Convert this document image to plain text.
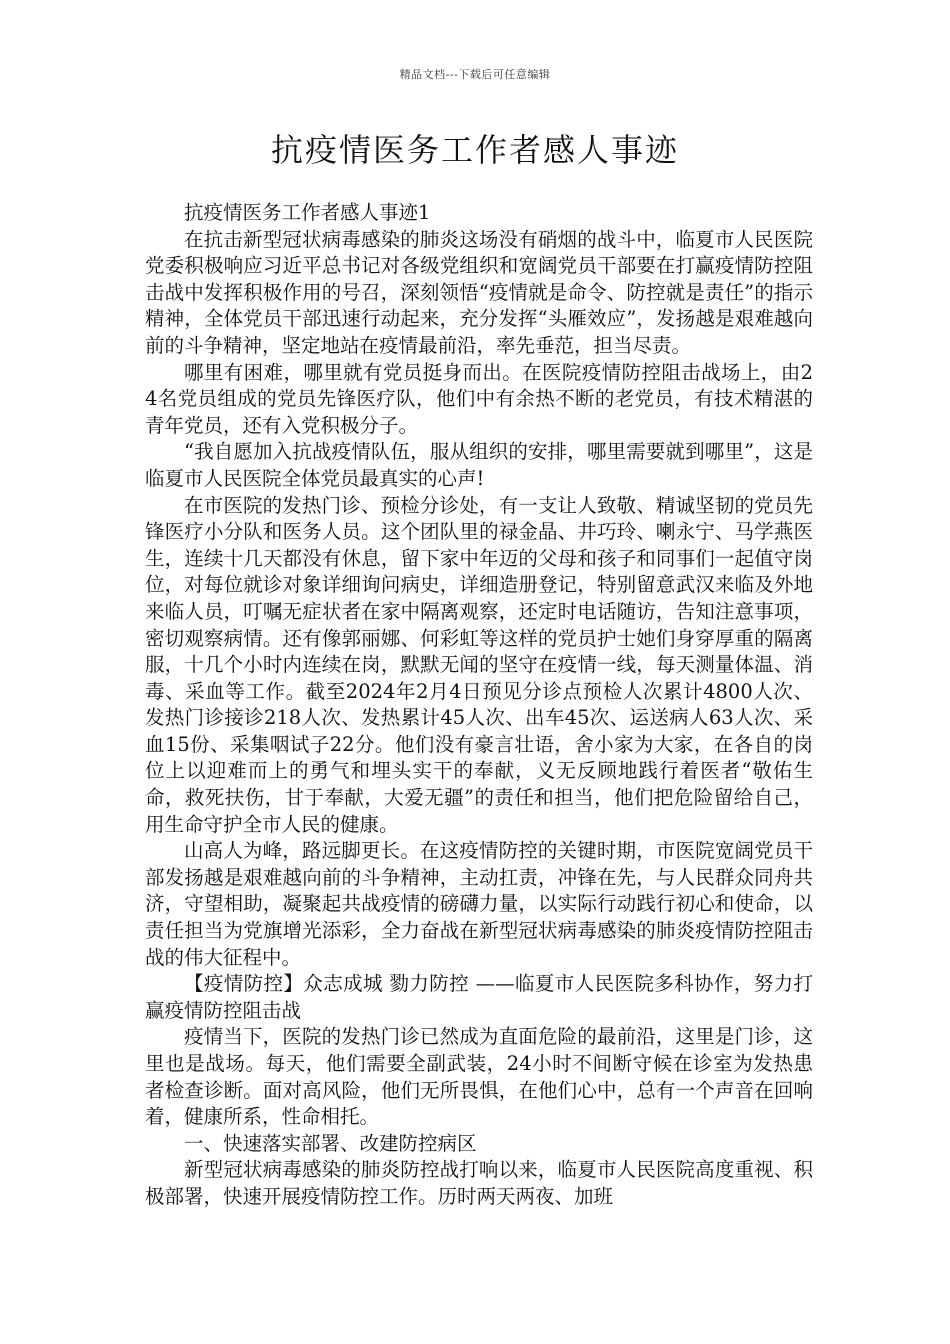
精品文档---下载后可任意编辑
抗疫情医务工作者感人事迹

抗疫情医务工作者感人事迹1

在抗击新型冠状病毒感染的肺炎这场没有硝烟的战斗中，临夏市人民医院党委积极响应习近平总书记对各级党组织和宽阔党员干部要在打赢疫情防控阻击战中发挥积极作用的号召，深刻领悟“疫情就是命令、防控就是责任”的指示精神，全体党员干部迅速行动起来，充分发挥“头雁效应”，发扬越是艰难越向前的斗争精神，坚定地站在疫情最前沿，率先垂范，担当尽责。

哪里有困难，哪里就有党员挺身而出。在医院疫情防控阻击战场上，由24名党员组成的党员先锋医疗队，他们中有余热不断的老党员，有技术精湛的青年党员，还有入党积极分子。

“我自愿加入抗战疫情队伍，服从组织的安排，哪里需要就到哪里”，这是临夏市人民医院全体党员最真实的心声!

在市医院的发热门诊、预检分诊处，有一支让人致敬、精诚坚韧的党员先锋医疗小分队和医务人员。这个团队里的禄金晶、井巧玲、喇永宁、马学燕医生，连续十几天都没有休息，留下家中年迈的父母和孩子和同事们一起值守岗位，对每位就诊对象详细询问病史，详细造册登记，特别留意武汉来临及外地来临人员，叮嘱无症状者在家中隔离观察，还定时电话随访，告知注意事项，密切观察病情。还有像郭丽娜、何彩虹等这样的党员护士她们身穿厚重的隔离服，十几个小时内连续在岗，默默无闻的坚守在疫情一线，每天测量体温、消毒、采血等工作。截至2024年2月4日预见分诊点预检人次累计4800人次、发热门诊接诊218人次、发热累计45人次、出车45次、运送病人63人次、采血15份、采集咽试子22分。他们没有豪言壮语，舍小家为大家，在各自的岗位上以迎难而上的勇气和埋头实干的奉献，义无反顾地践行着医者“敬佑生命，救死扶伤，甘于奉献，大爱无疆”的责任和担当，他们把危险留给自己，用生命守护全市人民的健康。

山高人为峰，路远脚更长。在这疫情防控的关键时期，市医院宽阔党员干部发扬越是艰难越向前的斗争精神，主动扛责，冲锋在先，与人民群众同舟共济，守望相助，凝聚起共战疫情的磅礴力量，以实际行动践行初心和使命，以责任担当为党旗增光添彩，全力奋战在新型冠状病毒感染的肺炎疫情防控阻击战的伟大征程中。

【疫情防控】众志成城 勠力防控 ——临夏市人民医院多科协作，努力打赢疫情防控阻击战

疫情当下，医院的发热门诊已然成为直面危险的最前沿，这里是门诊，这里也是战场。每天，他们需要全副武装，24小时不间断守候在诊室为发热患者检查诊断。面对高风险，他们无所畏惧，在他们心中，总有一个声音在回响着，健康所系，性命相托。

一、快速落实部署、改建防控病区

新型冠状病毒感染的肺炎防控战打响以来，临夏市人民医院高度重视、积极部署，快速开展疫情防控工作。历时两天两夜、加班
